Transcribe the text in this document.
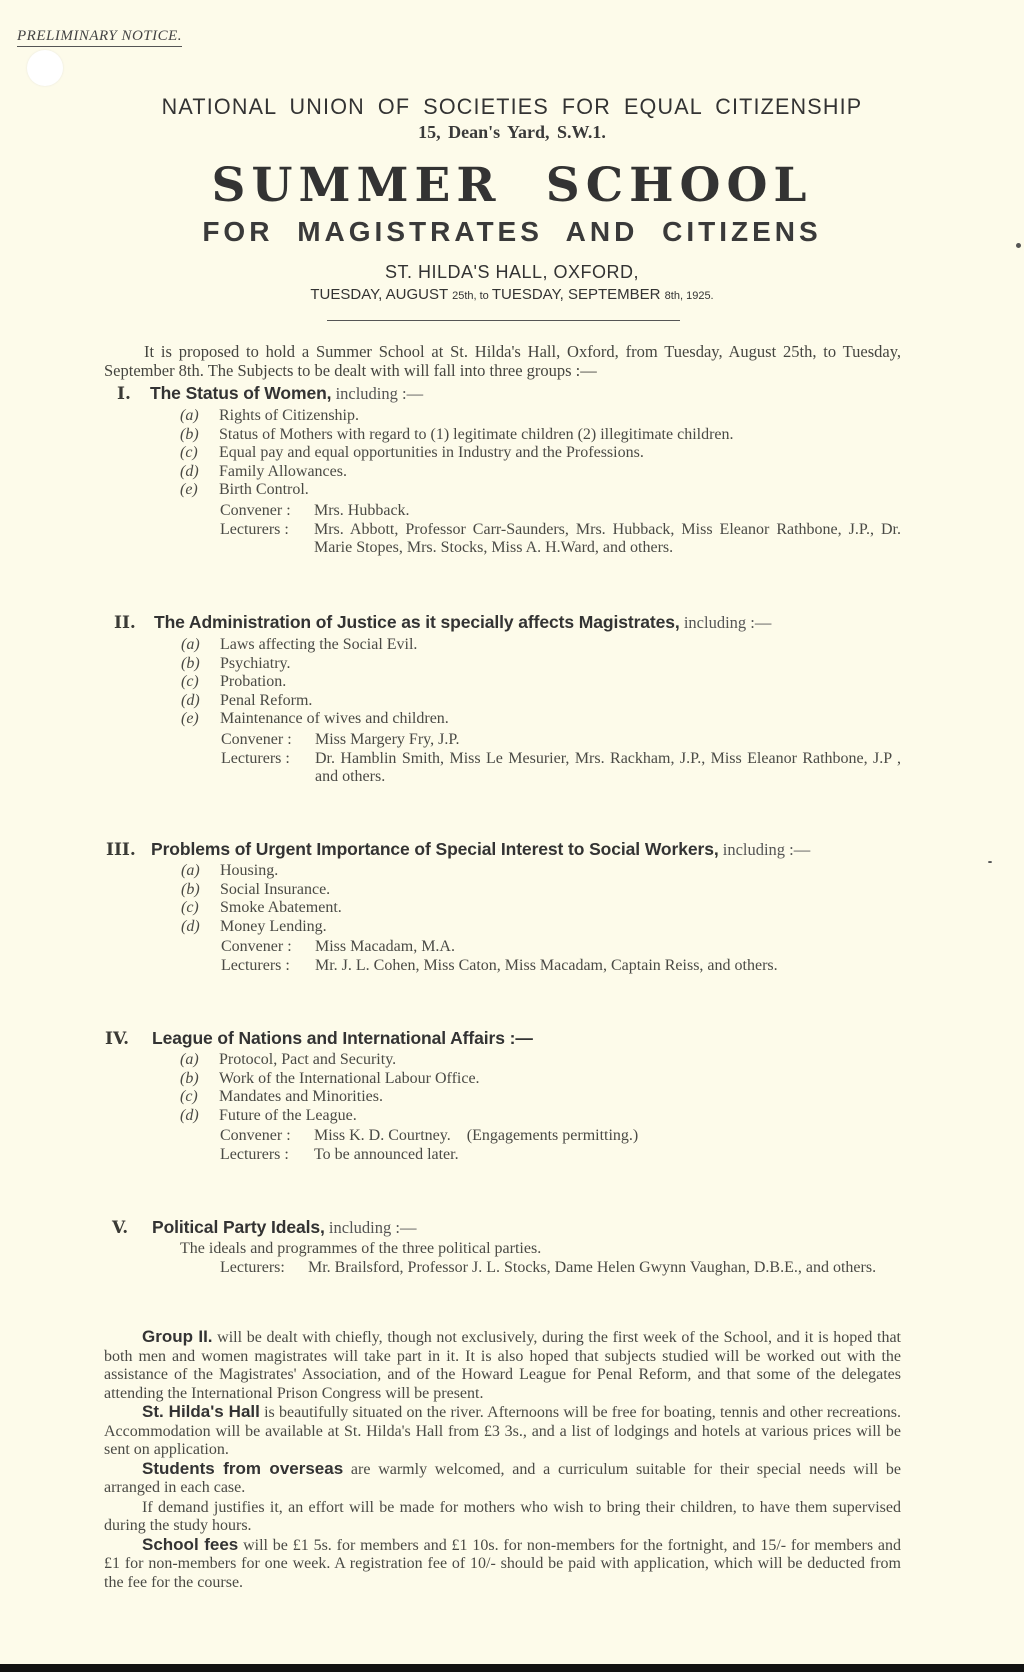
PRELIMINARY NOTICE.
NATIONAL UNION OF SOCIETIES FOR EQUAL CITIZENSHIP
15, Dean's Yard, S.W.1.
SUMMER SCHOOL
FOR MAGISTRATES AND CITIZENS
ST. HILDA'S HALL, OXFORD,
TUESDAY, AUGUST 25th, to TUESDAY, SEPTEMBER 8th, 1925.
It is proposed to hold a Summer School at St. Hilda's Hall, Oxford, from Tuesday, August 25th, to Tuesday, September 8th. The Subjects to be dealt with will fall into three groups :—
I. The Status of Women, including :—
(a)	Rights of Citizenship.
(b)	Status of Mothers with regard to (1) legitimate children (2) illegitimate children.
(c)	Equal pay and equal opportunities in Industry and the Professions.
(d)	Family Allowances.
(e)	Birth Control.
Convener :	Mrs. Hubback.
Lecturers :	Mrs. Abbott, Professor Carr-Saunders, Mrs. Hubback, Miss Eleanor Rathbone, J.P., Dr. Marie Stopes, Mrs. Stocks, Miss A. H.Ward, and others.
II. The Administration of Justice as it specially affects Magistrates, including :—
(a)	Laws affecting the Social Evil.
(b)	Psychiatry.
(c)	Probation.
(d)	Penal Reform.
(e)	Maintenance of wives and children.
Convener :	Miss Margery Fry, J.P.
Lecturers :	Dr. Hamblin Smith, Miss Le Mesurier, Mrs. Rackham, J.P., Miss Eleanor Rathbone, J.P , and others.
III. Problems of Urgent Importance of Special Interest to Social Workers, including :—
(a)	Housing.
(b)	Social Insurance.
(c)	Smoke Abatement.
(d)	Money Lending.
Convener :	Miss Macadam, M.A.
Lecturers :	Mr. J. L. Cohen, Miss Caton, Miss Macadam, Captain Reiss, and others.
IV. League of Nations and International Affairs :—
(a)	Protocol, Pact and Security.
(b)	Work of the International Labour Office.
(c)	Mandates and Minorities.
(d)	Future of the League.
Convener :	Miss K. D. Courtney.    (Engagements permitting.)
Lecturers :	To be announced later.
V. Political Party Ideals, including :—
The ideals and programmes of the three political parties.
Lecturers:	Mr. Brailsford, Professor J. L. Stocks, Dame Helen Gwynn Vaughan, D.B.E., and others.

Group II. will be dealt with chiefly, though not exclusively, during the first week of the School, and it is hoped that both men and women magistrates will take part in it. It is also hoped that subjects studied will be worked out with the assistance of the Magistrates' Association, and of the Howard League for Penal Reform, and that some of the delegates attending the International Prison Congress will be present.

St. Hilda's Hall is beautifully situated on the river. Afternoons will be free for boating, tennis and other recreations. Accommodation will be available at St. Hilda's Hall from £3 3s., and a list of lodgings and hotels at various prices will be sent on application.

Students from overseas are warmly welcomed, and a curriculum suitable for their special needs will be arranged in each case.

If demand justifies it, an effort will be made for mothers who wish to bring their children, to have them supervised during the study hours.

School fees will be £1 5s. for members and £1 10s. for non-members for the fortnight, and 15/- for members and £1 for non-members for one week. A registration fee of 10/- should be paid with application, which will be deducted from the fee for the course.
